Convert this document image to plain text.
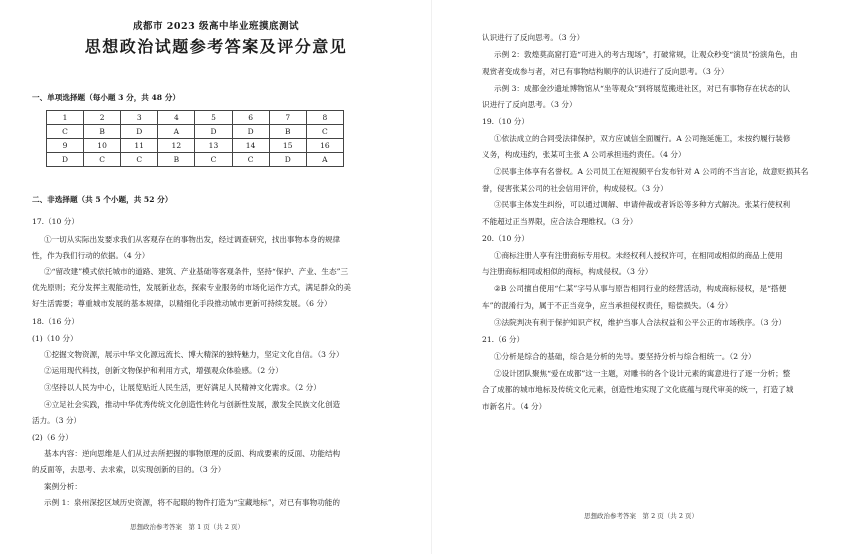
成都市 2023 级高中毕业班摸底测试
思想政治试题参考答案及评分意见
一、单项选择题（每小题 3 分，共 48 分）
1	2	3	4	5	6	7	8
C	B	D	A	D	D	B	C
9	10	11	12	13	14	15	16
D	C	C	B	C	C	D	A
二、非选择题（共 5 个小题，共 52 分）
17.（10 分）
①一切从实际出发要求我们从客观存在的事物出发，经过调查研究，找出事物本身的规律
性，作为我们行动的依据。（4 分）
②“留改建”模式依托城市的道路、建筑、产业基础等客观条件，坚持“保护、产业、生态”三
优先原则；充分发挥主观能动性，发展新业态，探索专业服务的市场化运作方式，满足群众的美
好生活需要；尊重城市发展的基本规律，以精细化手段推动城市更新可持续发展。（6 分）
18.（16 分）
(1)（10 分）
①挖掘文物资源，展示中华文化源远流长、博大精深的独特魅力，坚定文化自信。（3 分）
②运用现代科技，创新文物保护和利用方式，增强观众体验感。（2 分）
③坚持以人民为中心，让展览贴近人民生活，更好满足人民精神文化需求。（2 分）
④立足社会实践，推动中华优秀传统文化创造性转化与创新性发展，激发全民族文化创造
活力。（3 分）
(2)（6 分）
基本内容：逆向思维是人们从过去所把握的事物原理的反面、构成要素的反面、功能结构
的反面等，去思考、去求索，以实现创新的目的。（3 分）
案例分析：
示例 1：泉州深挖区域历史资源，将不起眼的物件打造为“宝藏地标”，对已有事物功能的
思想政治参考答案　第 1 页（共 2 页）
认识进行了反向思考。（3 分）
示例 2：敦煌莫高窟打造“可进入的考古现场”，打破常规，让观众秒变“演员”扮演角色，由
观赏者变成参与者，对已有事物结构顺序的认识进行了反向思考。（3 分）
示例 3：成都金沙遗址博物馆从“坐等观众”到将展览搬进社区，对已有事物存在状态的认
识进行了反向思考。（3 分）
19.（10 分）
①依法成立的合同受法律保护，双方应诚信全面履行。A 公司拖延施工，未按约履行装修
义务，构成违约，张某可主张 A 公司承担违约责任。（4 分）
②民事主体享有名誉权。A 公司员工在短视频平台发布针对 A 公司的不当言论，故意贬损其名
誉，侵害张某公司的社会信用评价，构成侵权。（3 分）
③民事主体发生纠纷，可以通过调解、申请仲裁或者诉讼等多种方式解决。张某行使权利
不能超过正当界限，应合法合理维权。（3 分）
20.（10 分）
①商标注册人享有注册商标专用权。未经权利人授权许可，在相同或相似的商品上使用
与注册商标相同或相似的商标，构成侵权。（3 分）
②B 公司擅自使用“仁某”字号从事与原告相同行业的经营活动，构成商标侵权，是“搭便
车”的混淆行为，属于不正当竞争，应当承担侵权责任，赔偿损失。（4 分）
③法院判决有利于保护知识产权，维护当事人合法权益和公平公正的市场秩序。（3 分）
21.（6 分）
①分析是综合的基础，综合是分析的先导。要坚持分析与综合相统一。（2 分）
②设计团队聚焦“爱在成都”这一主题，对雕书的各个设计元素的寓意进行了逐一分析；整
合了成都的城市地标及传统文化元素，创造性地实现了文化底蕴与现代审美的统一，打造了城
市新名片。（4 分）
思想政治参考答案　第 2 页（共 2 页）
